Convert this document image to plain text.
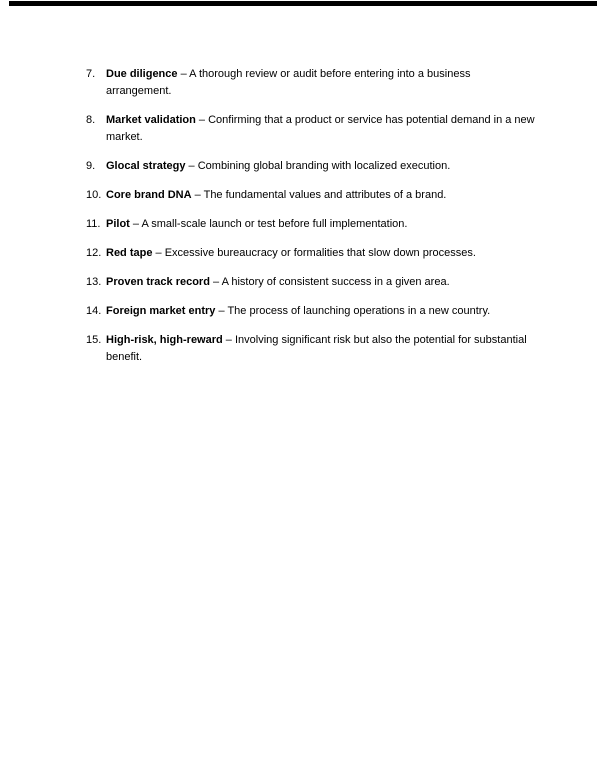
7. Due diligence – A thorough review or audit before entering into a business arrangement.
8. Market validation – Confirming that a product or service has potential demand in a new market.
9. Glocal strategy – Combining global branding with localized execution.
10. Core brand DNA – The fundamental values and attributes of a brand.
11. Pilot – A small-scale launch or test before full implementation.
12. Red tape – Excessive bureaucracy or formalities that slow down processes.
13. Proven track record – A history of consistent success in a given area.
14. Foreign market entry – The process of launching operations in a new country.
15. High-risk, high-reward – Involving significant risk but also the potential for substantial benefit.
